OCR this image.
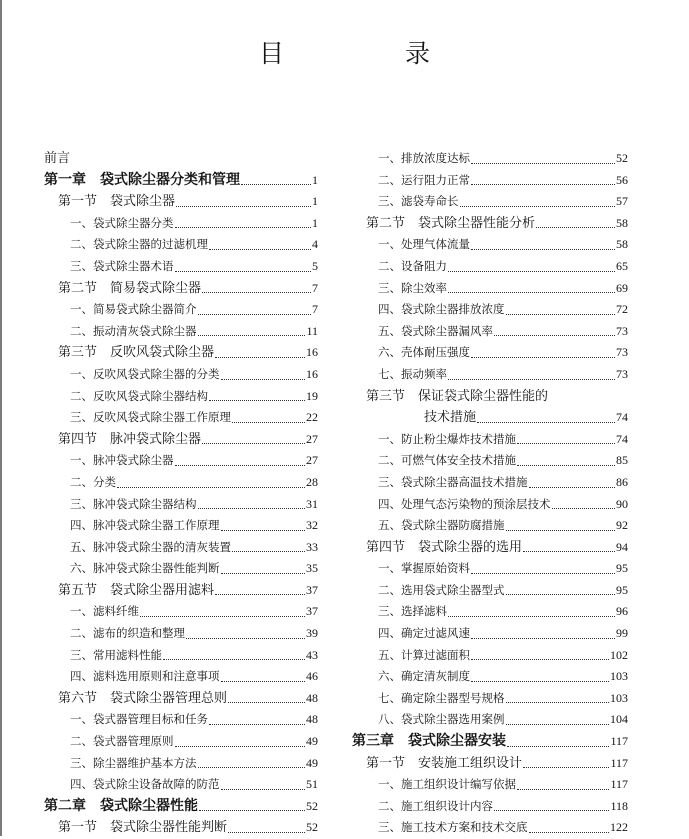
目　录
前言
第一章　袋式除尘器分类和管理	1
第一节　袋式除尘器	1
一、袋式除尘器分类	1
二、袋式除尘器的过滤机理	4
三、袋式除尘器术语	5
第二节　简易袋式除尘器	7
一、简易袋式除尘器简介	7
二、振动清灰袋式除尘器	11
第三节　反吹风袋式除尘器	16
一、反吹风袋式除尘器的分类	16
二、反吹风袋式除尘器结构	19
三、反吹风袋式除尘器工作原理	22
第四节　脉冲袋式除尘器	27
一、脉冲袋式除尘器	27
二、分类	28
三、脉冲袋式除尘器结构	31
四、脉冲袋式除尘器工作原理	32
五、脉冲袋式除尘器的清灰装置	33
六、脉冲袋式除尘器性能判断	35
第五节　袋式除尘器用滤料	37
一、滤料纤维	37
二、滤布的织造和整理	39
三、常用滤料性能	43
四、滤料选用原则和注意事项	46
第六节　袋式除尘器管理总则	48
一、袋式器管理目标和任务	48
二、袋式器管理原则	49
三、除尘器维护基本方法	49
四、袋式除尘设备故障的防范	51
第二章　袋式除尘器性能	52
第一节　袋式除尘器性能判断	52
一、排放浓度达标	52
二、运行阻力正常	56
三、滤袋寿命长	57
第二节　袋式除尘器性能分析	58
一、处理气体流量	58
二、设备阻力	65
三、除尘效率	69
四、袋式除尘器排放浓度	72
五、袋式除尘器漏风率	73
六、壳体耐压强度	73
七、振动频率	73
第三节　保证袋式除尘器性能的
技术措施	74
一、防止粉尘爆炸技术措施	74
二、可燃气体安全技术措施	85
三、袋式除尘器高温技术措施	86
四、处理气态污染物的预涂层技术	90
五、袋式除尘器防腐措施	92
第四节　袋式除尘器的选用	94
一、掌握原始资料	95
二、选用袋式除尘器型式	95
三、选择滤料	96
四、确定过滤风速	99
五、计算过滤面积	102
六、确定清灰制度	103
七、确定除尘器型号规格	103
八、袋式除尘器选用案例	104
第三章　袋式除尘器安装	117
第一节　安装施工组织设计	117
一、施工组织设计编写依据	117
二、施工组织设计内容	118
三、施工技术方案和技术交底	122
